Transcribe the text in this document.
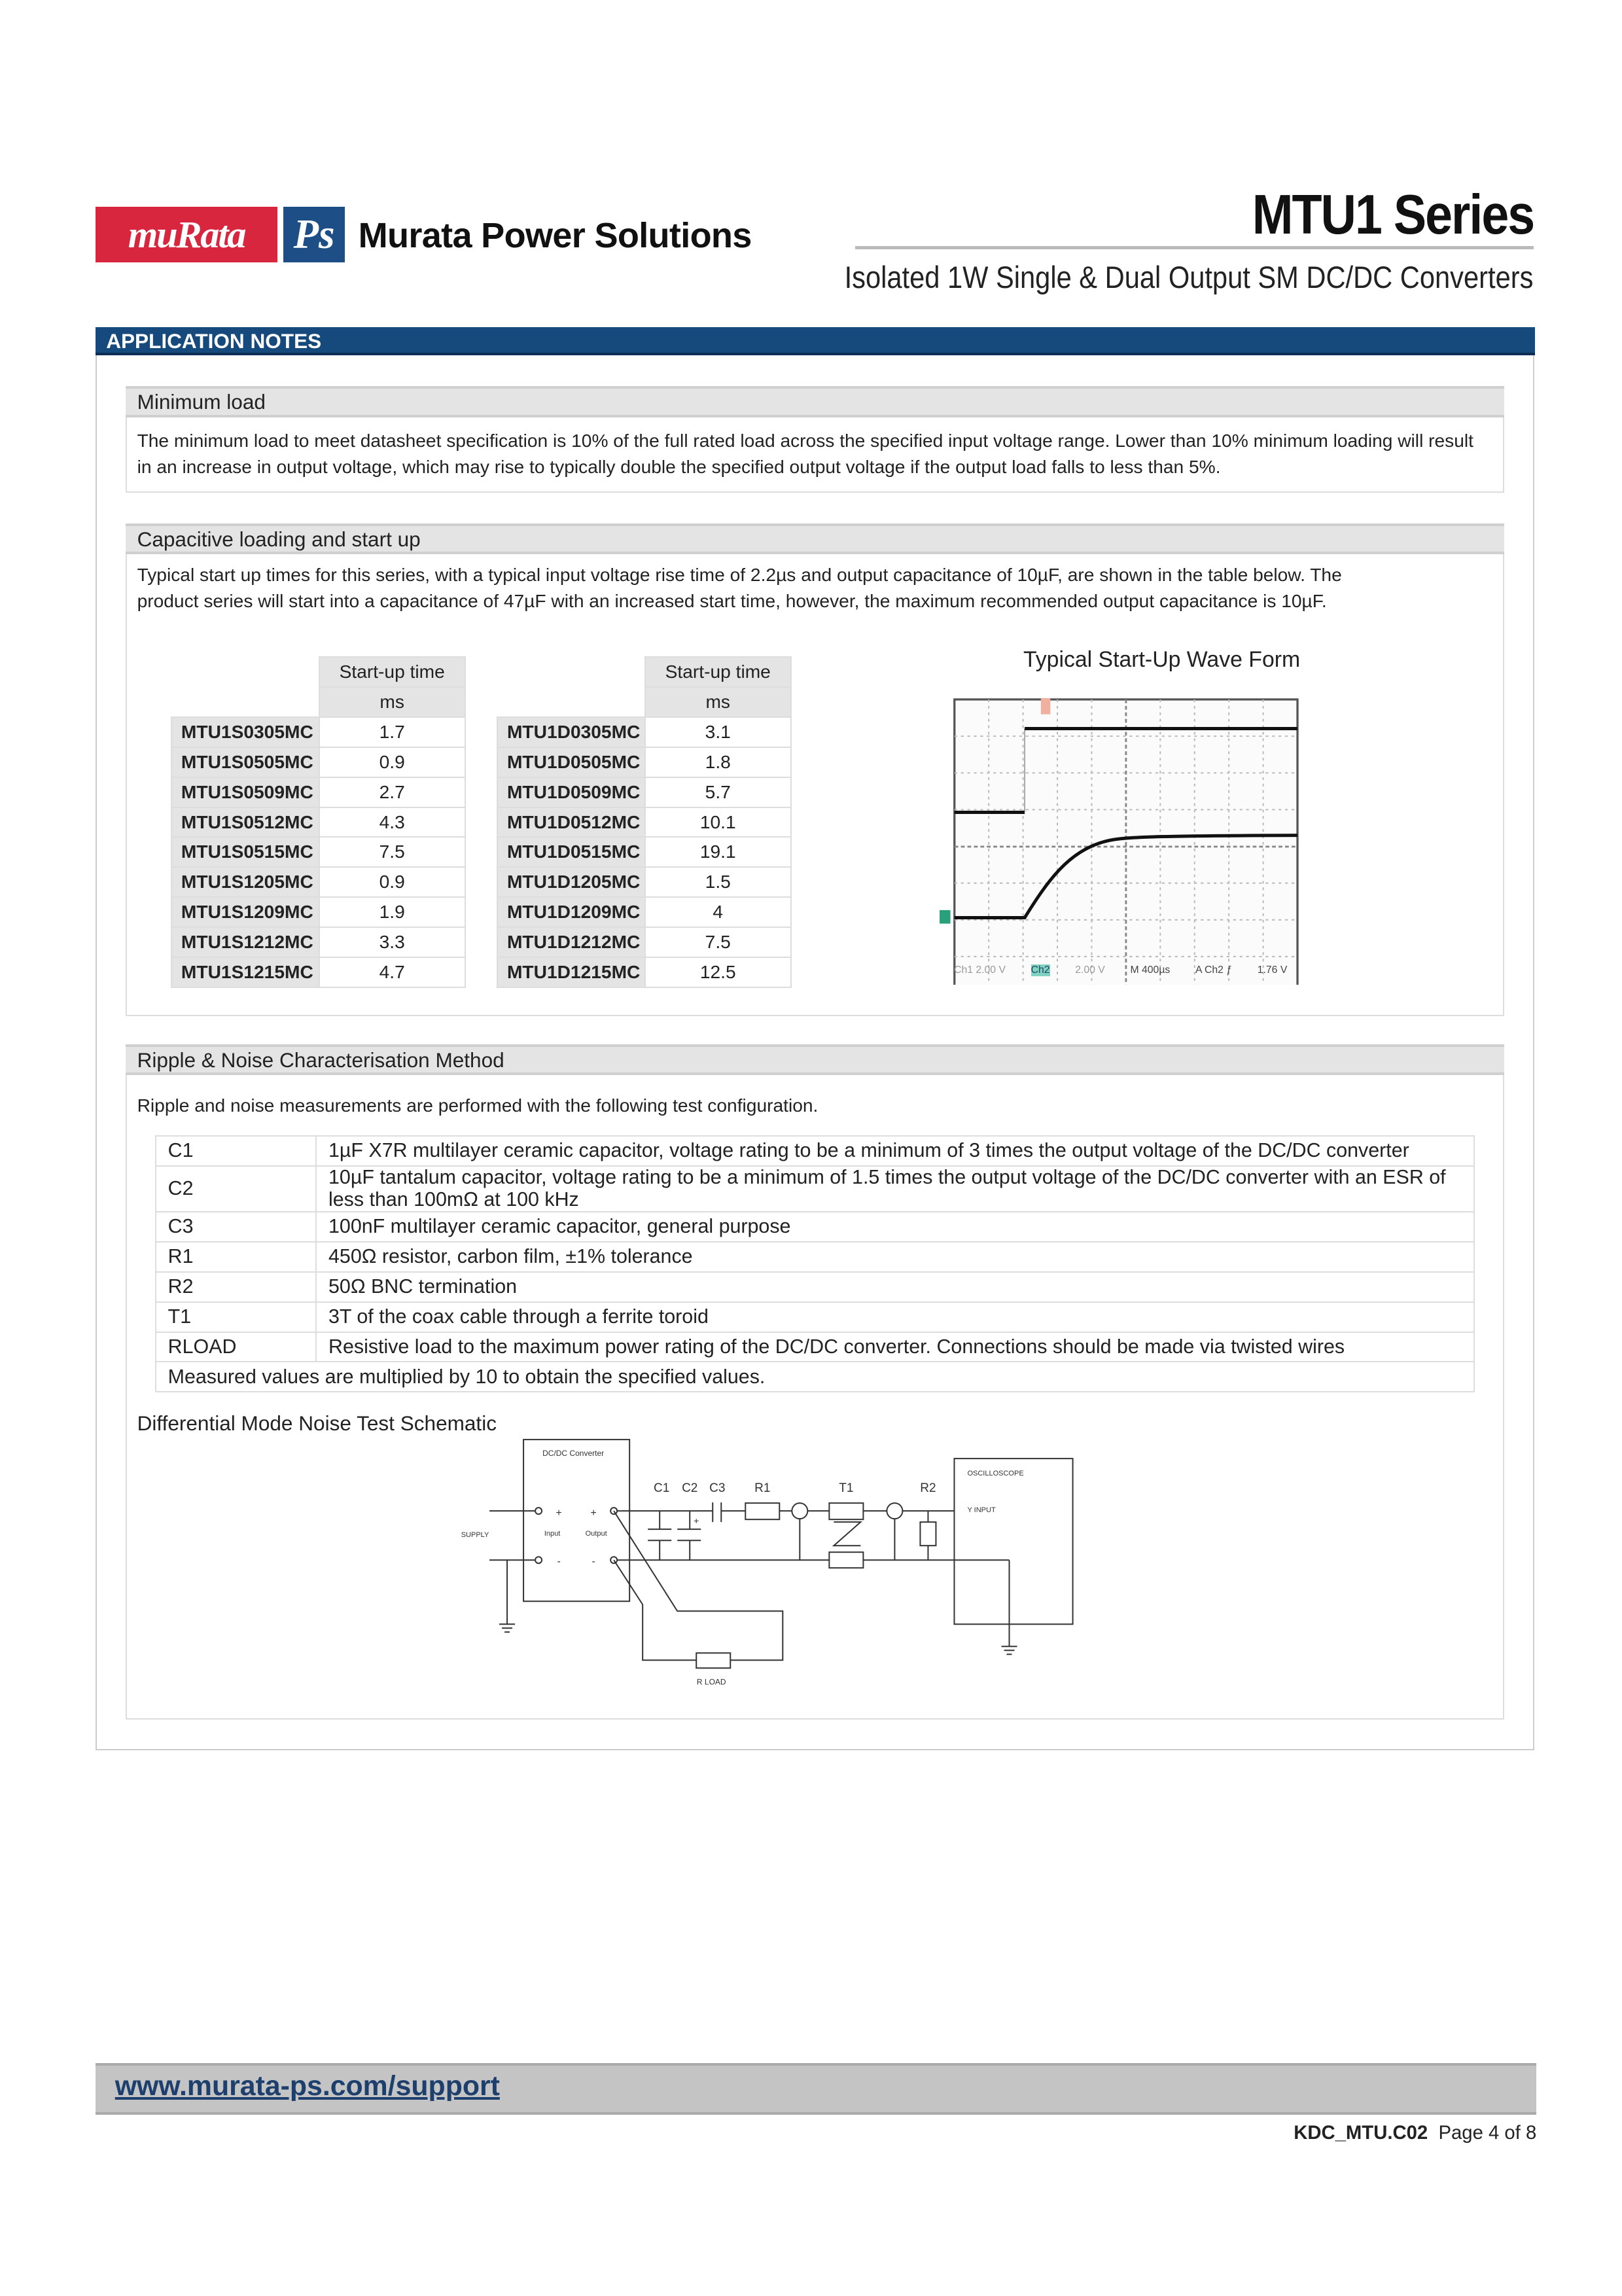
muRata	Ps	Murata Power Solutions	MTU1 Series
Isolated 1W Single & Dual Output SM DC/DC Converters
APPLICATION NOTES
Minimum load
The minimum load to meet datasheet specification is 10% of the full rated load across the specified input voltage range. Lower than 10% minimum loading will result in an increase in output voltage, which may rise to typically double the specified output voltage if the output load falls to less than 5%.
Capacitive loading and start up
Typical start up times for this series, with a typical input voltage rise time of 2.2µs and output capacitance of 10µF, are shown in the table below. The product series will start into a capacitance of 47µF with an increased start time, however, the maximum recommended output capacitance is 10µF.
	Start-up time
	ms
MTU1S0305MC	1.7
MTU1S0505MC	0.9
MTU1S0509MC	2.7
MTU1S0512MC	4.3
MTU1S0515MC	7.5
MTU1S1205MC	0.9
MTU1S1209MC	1.9
MTU1S1212MC	3.3
MTU1S1215MC	4.7
	Start-up time
	ms
MTU1D0305MC	3.1
MTU1D0505MC	1.8
MTU1D0509MC	5.7
MTU1D0512MC	10.1
MTU1D0515MC	19.1
MTU1D1205MC	1.5
MTU1D1209MC	4
MTU1D1212MC	7.5
MTU1D1215MC	12.5
Typical Start-Up Wave Form
Ch1 2.00 V	Ch2	2.00 V	M 400µs	A Ch2 ƒ	1.76 V
Ripple & Noise Characterisation Method
Ripple and noise measurements are performed with the following test configuration.
C1	1µF X7R multilayer ceramic capacitor, voltage rating to be a minimum of 3 times the output voltage of the DC/DC converter
C2	10µF tantalum capacitor, voltage rating to be a minimum of 1.5 times the output voltage of the DC/DC converter with an ESR of less than 100mΩ at 100 kHz
C3	100nF multilayer ceramic capacitor, general purpose
R1	450Ω resistor, carbon film, ±1% tolerance
R2	50Ω BNC termination
T1	3T of the coax cable through a ferrite toroid
RLOAD	Resistive load to the maximum power rating of the DC/DC converter. Connections should be made via twisted wires
Measured values are multiplied by 10 to obtain the specified values.	
Differential Mode Noise Test Schematic
DC/DC Converter
SUPPLY	Input	Output
+	+
-	-
+
C1 C2 C3 R1	T1	R2
OSCILLOSCOPE
Y INPUT
R LOAD
www.murata-ps.com/support
KDC_MTU.C02 Page 4 of 8
